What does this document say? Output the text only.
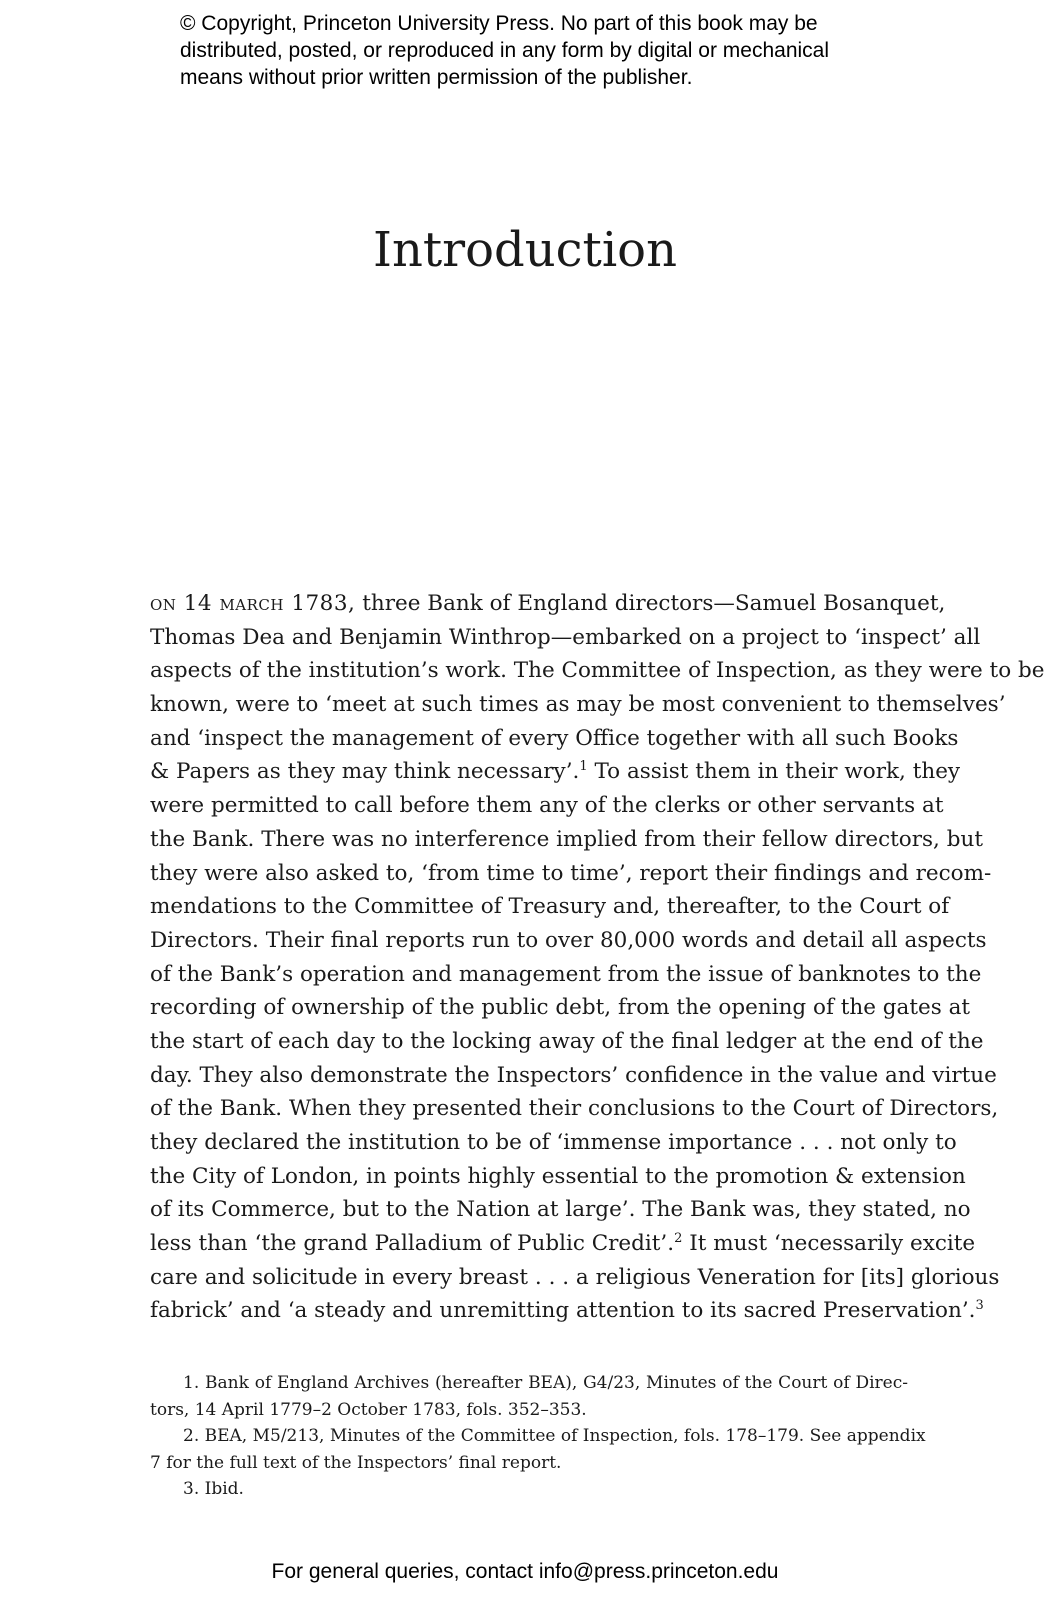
© Copyright, Princeton University Press. No part of this book may be
distributed, posted, or reproduced in any form by digital or mechanical
means without prior written permission of the publisher.
Introduction
on 14 march 1783, three Bank of England directors—Samuel Bosanquet,
Thomas Dea and Benjamin Winthrop—embarked on a project to ‘inspect’ all
aspects of the institution’s work. The Committee of Inspection, as they were to be
known, were to ‘meet at such times as may be most convenient to themselves’
and ‘inspect the management of every Office together with all such Books
& Papers as they may think necessary’.$^1$ To assist them in their work, they
were permitted to call before them any of the clerks or other servants at
the Bank. There was no interference implied from their fellow directors, but
they were also asked to, ‘from time to time’, report their findings and recom-
mendations to the Committee of Treasury and, thereafter, to the Court of
Directors. Their final reports run to over 80,000 words and detail all aspects
of the Bank’s operation and management from the issue of banknotes to the
recording of ownership of the public debt, from the opening of the gates at
the start of each day to the locking away of the final ledger at the end of the
day. They also demonstrate the Inspectors’ confidence in the value and virtue
of the Bank. When they presented their conclusions to the Court of Directors,
they declared the institution to be of ‘immense importance . . . not only to
the City of London, in points highly essential to the promotion & extension
of its Commerce, but to the Nation at large’. The Bank was, they stated, no
less than ‘the grand Palladium of Public Credit’.$^2$ It must ‘necessarily excite
care and solicitude in every breast . . . a religious Veneration for [its] glorious
fabrick’ and ‘a steady and unremitting attention to its sacred Preservation’.$^3$
1. Bank of England Archives (hereafter BEA), G4/23, Minutes of the Court of Direc-
tors, 14 April 1779–2 October 1783, fols. 352–353.
2. BEA, M5/213, Minutes of the Committee of Inspection, fols. 178–179. See appendix
7 for the full text of the Inspectors’ final report.
3. Ibid.
For general queries, contact info@press.princeton.edu
